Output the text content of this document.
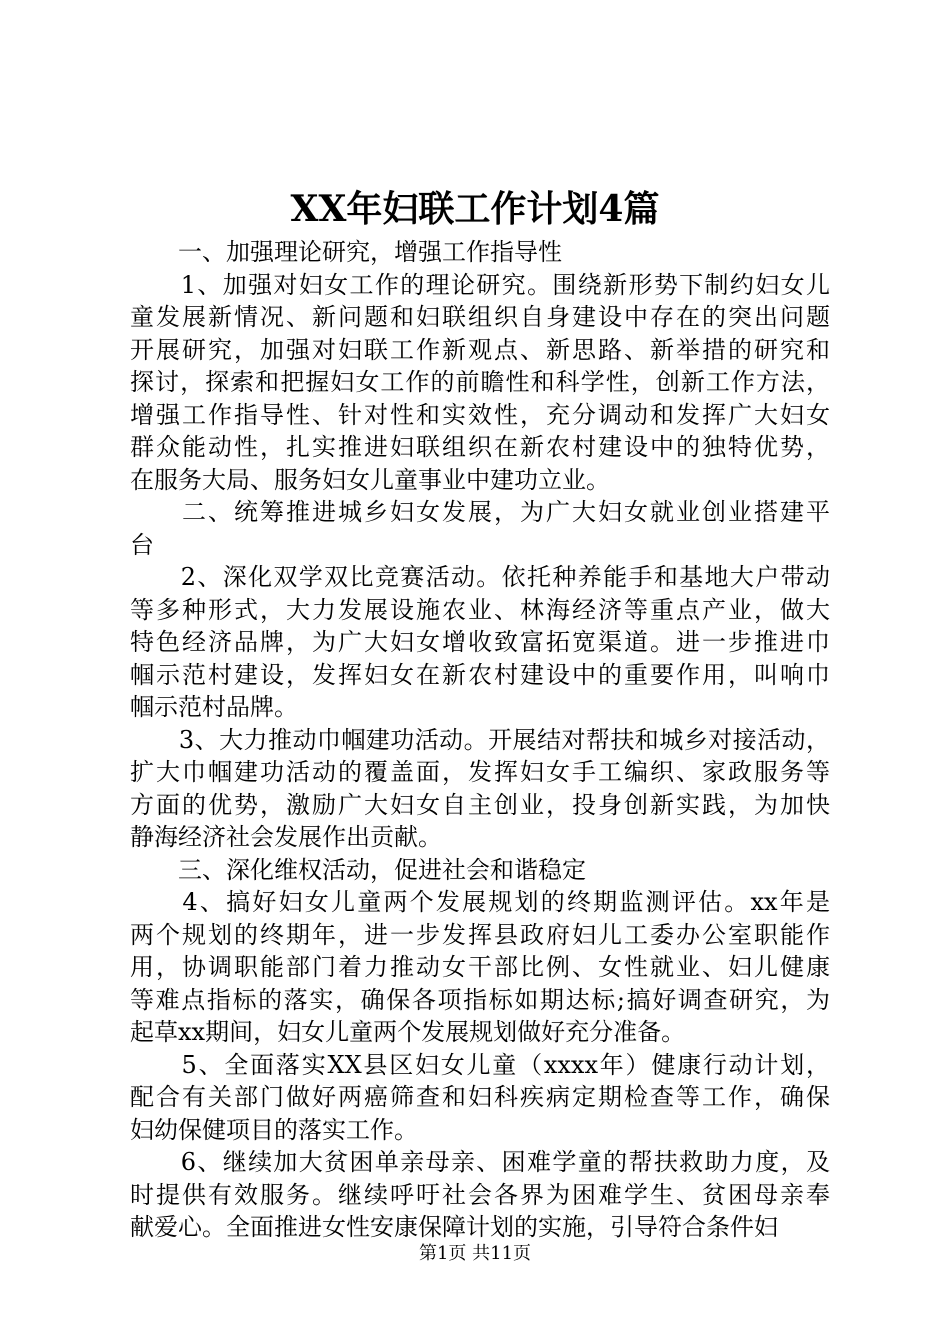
XX年妇联工作计划4篇
　　一、加强理论研究，增强工作指导性
　　1、加强对妇女工作的理论研究。围绕新形势下制约妇女儿
童发展新情况、新问题和妇联组织自身建设中存在的突出问题
开展研究，加强对妇联工作新观点、新思路、新举措的研究和
探讨，探索和把握妇女工作的前瞻性和科学性，创新工作方法，
增强工作指导性、针对性和实效性，充分调动和发挥广大妇女
群众能动性，扎实推进妇联组织在新农村建设中的独特优势，
在服务大局、服务妇女儿童事业中建功立业。
　　二、统筹推进城乡妇女发展，为广大妇女就业创业搭建平
台
　　2、深化双学双比竞赛活动。依托种养能手和基地大户带动
等多种形式，大力发展设施农业、林海经济等重点产业，做大
特色经济品牌，为广大妇女增收致富拓宽渠道。进一步推进巾
帼示范村建设，发挥妇女在新农村建设中的重要作用，叫响巾
帼示范村品牌。
　　3、大力推动巾帼建功活动。开展结对帮扶和城乡对接活动，
扩大巾帼建功活动的覆盖面，发挥妇女手工编织、家政服务等
方面的优势，激励广大妇女自主创业，投身创新实践，为加快
静海经济社会发展作出贡献。
　　三、深化维权活动，促进社会和谐稳定
　　4、搞好妇女儿童两个发展规划的终期监测评估。xx年是
两个规划的终期年，进一步发挥县政府妇儿工委办公室职能作
用，协调职能部门着力推动女干部比例、女性就业、妇儿健康
等难点指标的落实，确保各项指标如期达标;搞好调查研究，为
起草xx期间，妇女儿童两个发展规划做好充分准备。
　　5、全面落实XX县区妇女儿童（xxxx年）健康行动计划，
配合有关部门做好两癌筛查和妇科疾病定期检查等工作，确保
妇幼保健项目的落实工作。
　　6、继续加大贫困单亲母亲、困难学童的帮扶救助力度，及
时提供有效服务。继续呼吁社会各界为困难学生、贫困母亲奉
献爱心。全面推进女性安康保障计划的实施，引导符合条件妇
第1页 共11页
